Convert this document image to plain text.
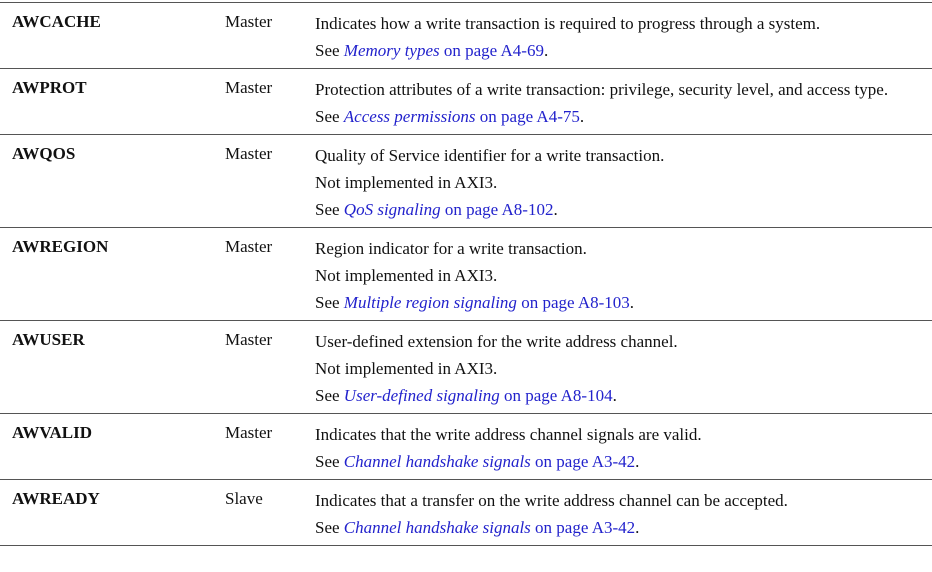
AWCACHE	Master	Indicates how a write transaction is required to progress through a system.
See Memory types on page A4-69.

AWPROT	Master	Protection attributes of a write transaction: privilege, security level, and access type.
See Access permissions on page A4-75.

AWQOS	Master	Quality of Service identifier for a write transaction.
Not implemented in AXI3.
See QoS signaling on page A8-102.

AWREGION	Master	Region indicator for a write transaction.
Not implemented in AXI3.
See Multiple region signaling on page A8-103.

AWUSER	Master	User-defined extension for the write address channel.
Not implemented in AXI3.
See User-defined signaling on page A8-104.

AWVALID	Master	Indicates that the write address channel signals are valid.
See Channel handshake signals on page A3-42.

AWREADY	Slave	Indicates that a transfer on the write address channel can be accepted.
See Channel handshake signals on page A3-42.
